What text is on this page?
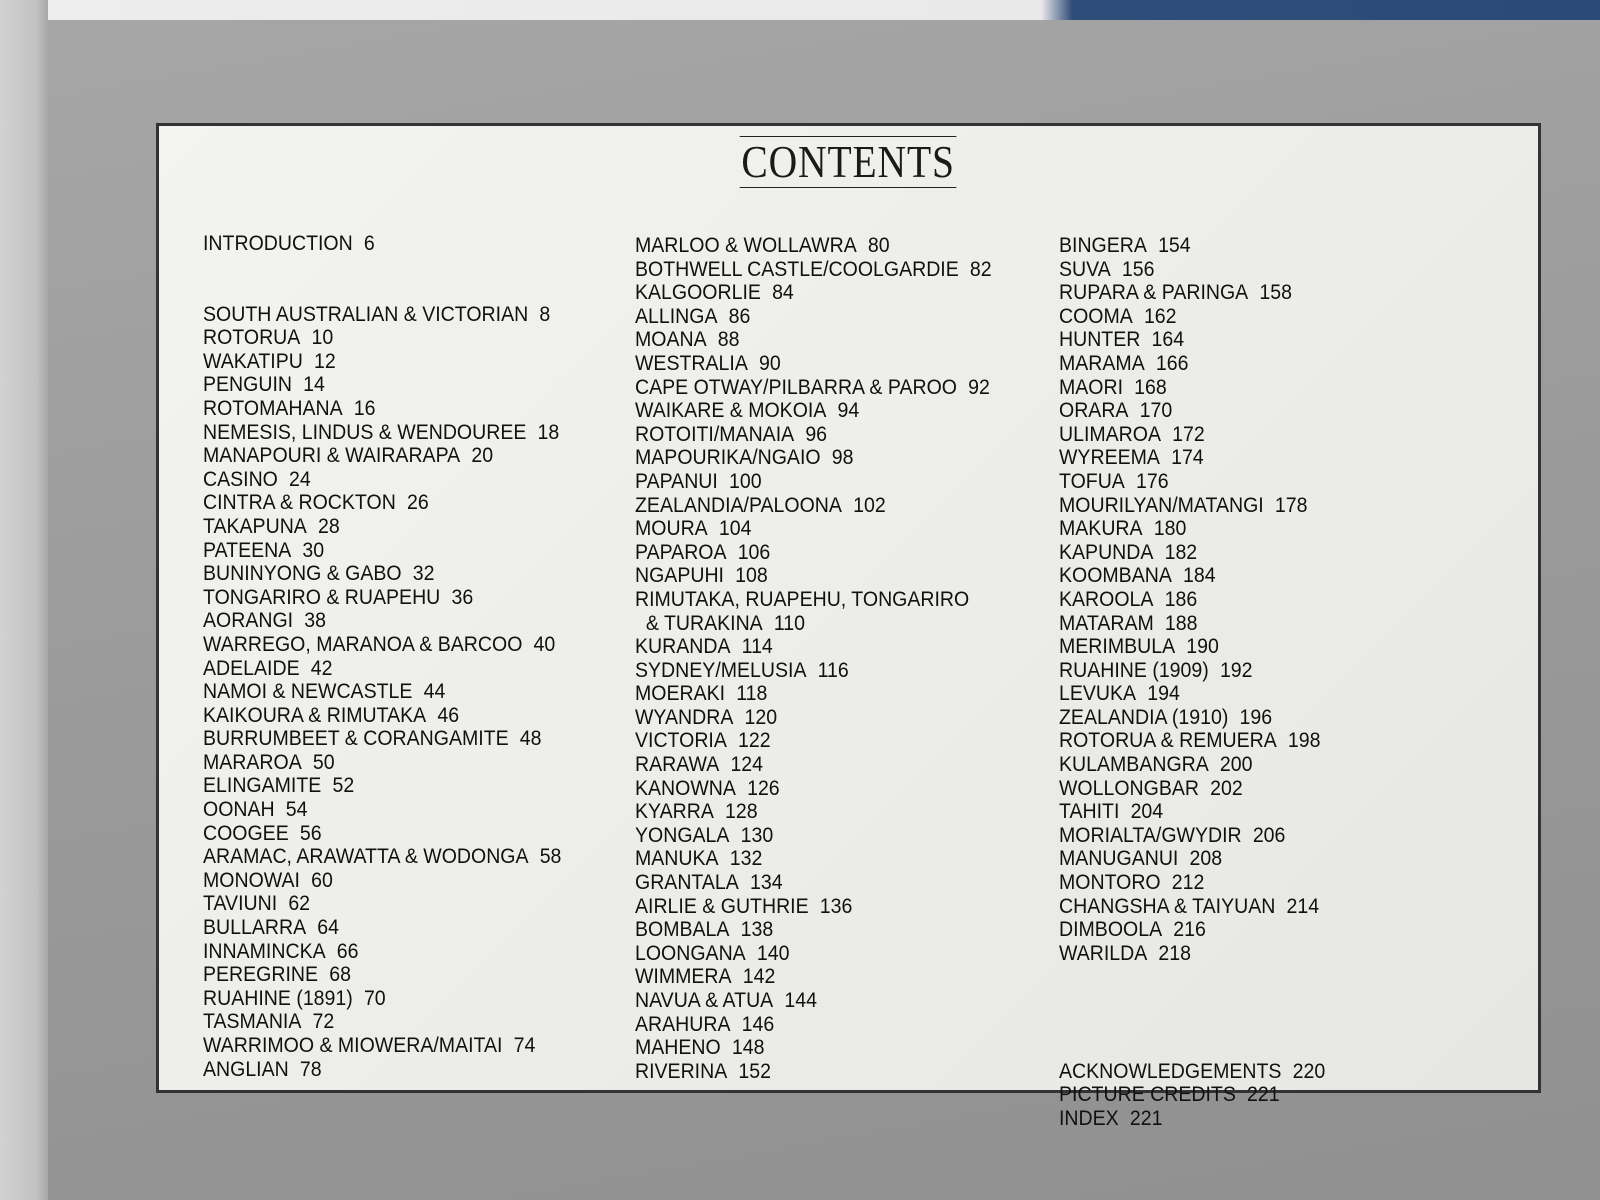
CONTENTS
INTRODUCTION 6
SOUTH AUSTRALIAN & VICTORIAN 8
ROTORUA 10
WAKATIPU 12
PENGUIN 14
ROTOMAHANA 16
NEMESIS, LINDUS & WENDOUREE 18
MANAPOURI & WAIRARAPA 20
CASINO 24
CINTRA & ROCKTON 26
TAKAPUNA 28
PATEENA 30
BUNINYONG & GABO 32
TONGARIRO & RUAPEHU 36
AORANGI 38
WARREGO, MARANOA & BARCOO 40
ADELAIDE 42
NAMOI & NEWCASTLE 44
KAIKOURA & RIMUTAKA 46
BURRUMBEET & CORANGAMITE 48
MARAROA 50
ELINGAMITE 52
OONAH 54
COOGEE 56
ARAMAC, ARAWATTA & WODONGA 58
MONOWAI 60
TAVIUNI 62
BULLARRA 64
INNAMINCKA 66
PEREGRINE 68
RUAHINE (1891) 70
TASMANIA 72
WARRIMOO & MIOWERA/MAITAI 74
ANGLIAN 78
MARLOO & WOLLAWRA 80
BOTHWELL CASTLE/COOLGARDIE 82
KALGOORLIE 84
ALLINGA 86
MOANA 88
WESTRALIA 90
CAPE OTWAY/PILBARRA & PAROO 92
WAIKARE & MOKOIA 94
ROTOITI/MANAIA 96
MAPOURIKA/NGAIO 98
PAPANUI 100
ZEALANDIA/PALOONA 102
MOURA 104
PAPAROA 106
NGAPUHI 108
RIMUTAKA, RUAPEHU, TONGARIRO
& TURAKINA 110
KURANDA 114
SYDNEY/MELUSIA 116
MOERAKI 118
WYANDRA 120
VICTORIA 122
RARAWA 124
KANOWNA 126
KYARRA 128
YONGALA 130
MANUKA 132
GRANTALA 134
AIRLIE & GUTHRIE 136
BOMBALA 138
LOONGANA 140
WIMMERA 142
NAVUA & ATUA 144
ARAHURA 146
MAHENO 148
RIVERINA 152
BINGERA 154
SUVA 156
RUPARA & PARINGA 158
COOMA 162
HUNTER 164
MARAMA 166
MAORI 168
ORARA 170
ULIMAROA 172
WYREEMA 174
TOFUA 176
MOURILYAN/MATANGI 178
MAKURA 180
KAPUNDA 182
KOOMBANA 184
KAROOLA 186
MATARAM 188
MERIMBULA 190
RUAHINE (1909) 192
LEVUKA 194
ZEALANDIA (1910) 196
ROTORUA & REMUERA 198
KULAMBANGRA 200
WOLLONGBAR 202
TAHITI 204
MORIALTA/GWYDIR 206
MANUGANUI 208
MONTORO 212
CHANGSHA & TAIYUAN 214
DIMBOOLA 216
WARILDA 218
ACKNOWLEDGEMENTS 220
PICTURE CREDITS 221
INDEX 221
